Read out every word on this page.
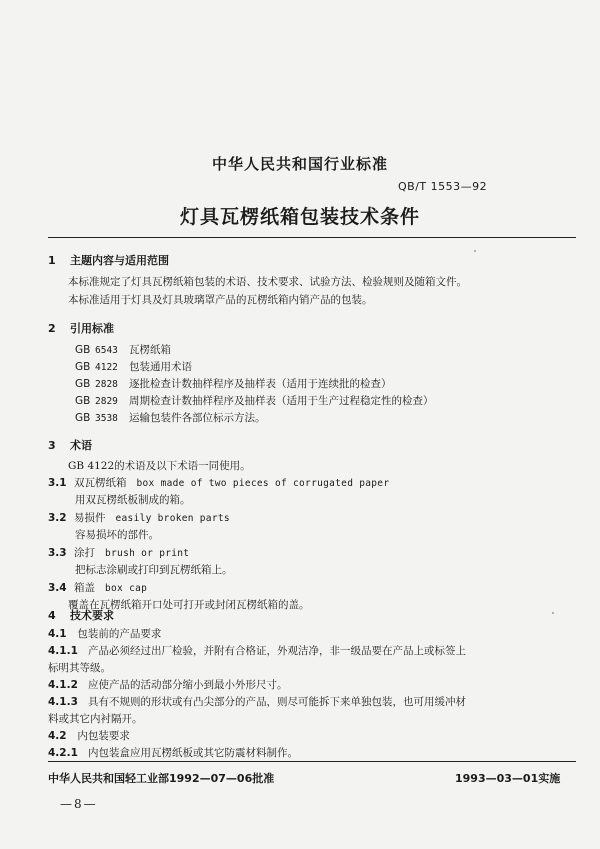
中华人民共和国行业标准
QB/T 1553—92
灯具瓦楞纸箱包装技术条件
1 主题内容与适用范围
本标准规定了灯具瓦楞纸箱包装的术语、技术要求、试验方法、检验规则及随箱文件。
本标准适用于灯具及灯具玻璃罩产品的瓦楞纸箱内销产品的包装。
2 引用标准
GB 6543 瓦楞纸箱
GB 4122 包装通用术语
GB 2828 逐批检查计数抽样程序及抽样表（适用于连续批的检查）
GB 2829 周期检查计数抽样程序及抽样表（适用于生产过程稳定性的检查）
GB 3538 运输包装件各部位标示方法。
3 术语
GB 4122的术语及以下术语一同使用。
3.1 双瓦楞纸箱 box made of two pieces of corrugated paper
用双瓦楞纸板制成的箱。
3.2 易损件 easily broken parts
容易损坏的部件。
3.3 涂打 brush or print
把标志涂刷或打印到瓦楞纸箱上。
3.4 箱盖 box cap
覆盖在瓦楞纸箱开口处可打开或封闭瓦楞纸箱的盖。
4 技术要求
4.1 包装前的产品要求
4.1.1 产品必须经过出厂检验，并附有合格证，外观洁净，非一级品要在产品上或标签上
标明其等级。
4.1.2 应使产品的活动部分缩小到最小外形尺寸。
4.1.3 具有不规则的形状或有凸尖部分的产品，则尽可能拆下来单独包装，也可用缓冲材
料或其它内衬隔开。
4.2 内包装要求
中华人民共和国轻工业部1992—07—06批准	1993—03—01实施
—8—
4.2.1 内包装盒应用瓦楞纸板或其它防震材料制作。
